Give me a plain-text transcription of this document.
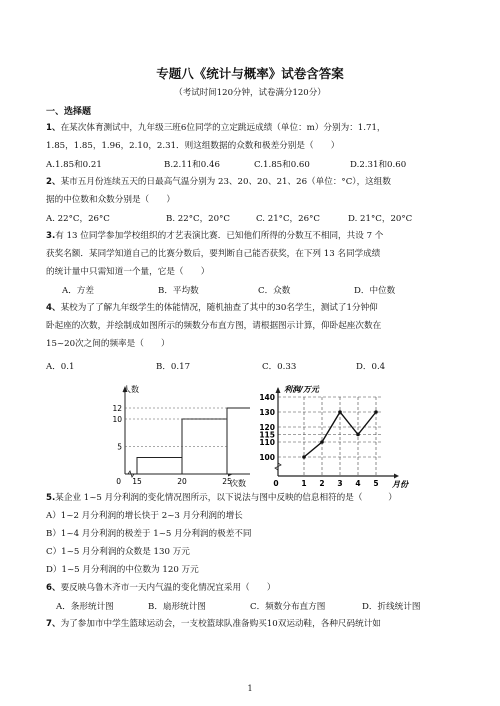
专题八《统计与概率》试卷含答案
（考试时间120分钟，试卷满分120分）
一、选择题
1、在某次体育测试中，九年级三班6位同学的立定跳远成绩（单位：m）分别为：1.71，
1.85，1.85，1.96，2.10，2.31．则这组数据的众数和极差分别是（　　）
A.1.85和0.21	B.2.11和0.46	C.1.85和0.60	D.2.31和0.60
2、某市五月份连续五天的日最高气温分别为 23、20、20、21、26（单位：°C），这组数
据的中位数和众数分别是（　　）
A. 22°C，26°C	B. 22°C，20°C	C. 21°C，26°C	D. 21°C，20°C
3.有 13 位同学参加学校组织的才艺表演比赛．已知他们所得的分数互不相同，共设 7 个
获奖名额．某同学知道自己的比赛分数后，要判断自己能否获奖，在下列 13 名同学成绩
的统计量中只需知道一个量，它是（　　）
A．方差	B．平均数	C．众数	D．中位数
4、某校为了了解九年级学生的体能情况，随机抽查了其中的30名学生，测试了1分钟仰
卧起座的次数，并绘制成如图所示的频数分布直方图，请根据图示计算，仰卧起座次数在
15~20次之间的频率是（　　）
A．0.1	B．0.17	C．0.33	D．0.4
5
10
12
15	20	25
0
人数
次数
100
110
115
120
130
140
0	1 2 3 4 5
利润/万元
月份
5.某企业 1~5 月分利润的变化情况图所示，以下说法与图中反映的信息相符的是（　　　）
A）1~2 月分利润的增长快于 2~3 月分利润的增长
B）1~4 月分利润的极差于 1~5 月分利润的极差不同
C）1~5 月分利润的众数是 130 万元
D）1~5 月分利润的中位数为 120 万元
6、要反映乌鲁木齐市一天内气温的变化情况宜采用（　　）
A．条形统计图	B．扇形统计图	C．频数分布直方图	D．折线统计图
7、为了参加市中学生篮球运动会，一支校篮球队准备购买10双运动鞋，各种尺码统计如
1
